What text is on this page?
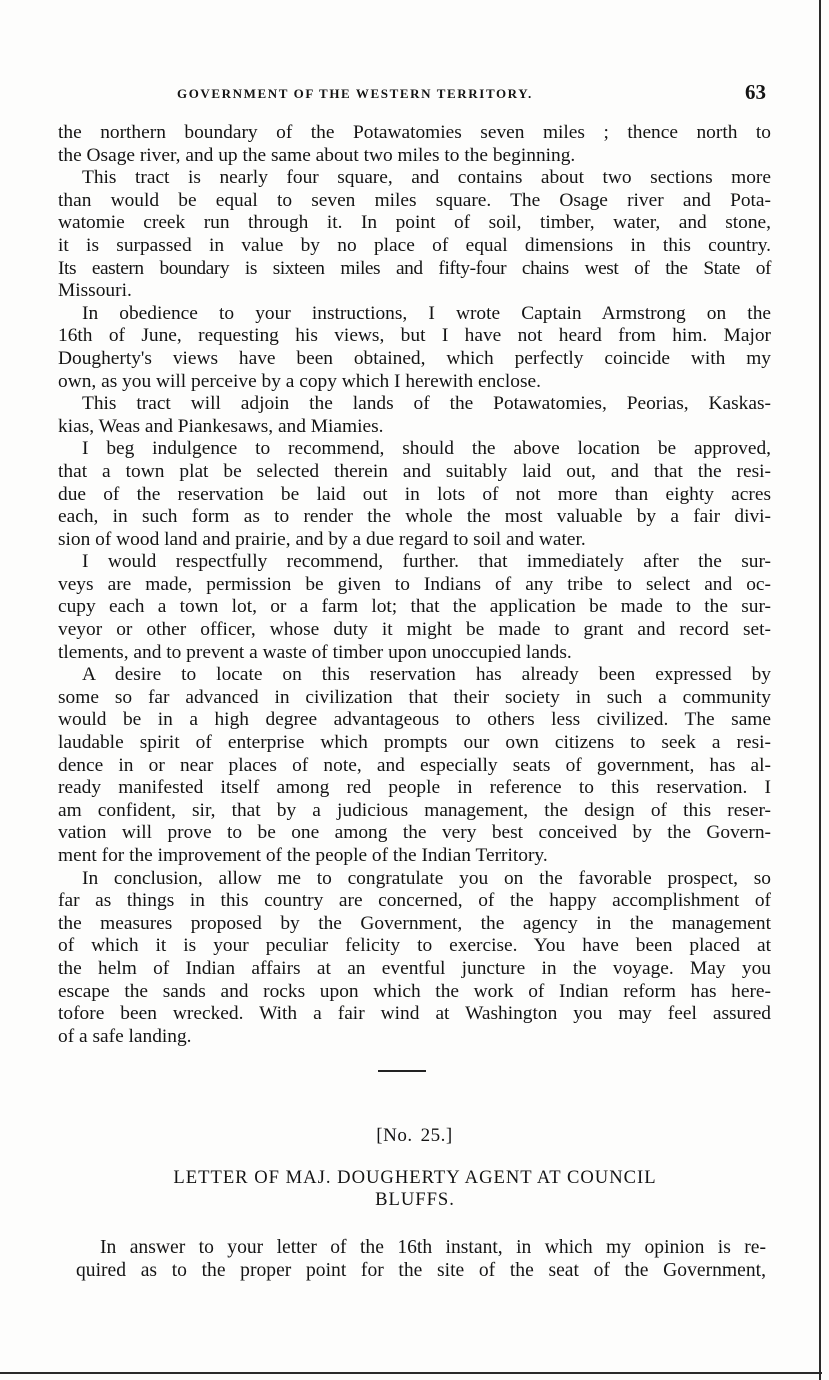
GOVERNMENT OF THE WESTERN TERRITORY.	63
the northern boundary of the Potawatomies seven miles ; thence north to
the Osage river, and up the same about two miles to the beginning.
This tract is nearly four square, and contains about two sections more
than would be equal to seven miles square. The Osage river and Pota-
watomie creek run through it. In point of soil, timber, water, and stone,
it is surpassed in value by no place of equal dimensions in this country.
Its eastern boundary is sixteen miles and fifty-four chains west of the State of
Missouri.
In obedience to your instructions, I wrote Captain Armstrong on the
16th of June, requesting his views, but I have not heard from him. Major
Dougherty's views have been obtained, which perfectly coincide with my
own, as you will perceive by a copy which I herewith enclose.
This tract will adjoin the lands of the Potawatomies, Peorias, Kaskas-
kias, Weas and Piankesaws, and Miamies.
I beg indulgence to recommend, should the above location be approved,
that a town plat be selected therein and suitably laid out, and that the resi-
due of the reservation be laid out in lots of not more than eighty acres
each, in such form as to render the whole the most valuable by a fair divi-
sion of wood land and prairie, and by a due regard to soil and water.
I would respectfully recommend, further. that immediately after the sur-
veys are made, permission be given to Indians of any tribe to select and oc-
cupy each a town lot, or a farm lot; that the application be made to the sur-
veyor or other officer, whose duty it might be made to grant and record set-
tlements, and to prevent a waste of timber upon unoccupied lands.
A desire to locate on this reservation has already been expressed by
some so far advanced in civilization that their society in such a community
would be in a high degree advantageous to others less civilized. The same
laudable spirit of enterprise which prompts our own citizens to seek a resi-
dence in or near places of note, and especially seats of government, has al-
ready manifested itself among red people in reference to this reservation. I
am confident, sir, that by a judicious management, the design of this reser-
vation will prove to be one among the very best conceived by the Govern-
ment for the improvement of the people of the Indian Territory.
In conclusion, allow me to congratulate you on the favorable prospect, so
far as things in this country are concerned, of the happy accomplishment of
the measures proposed by the Government, the agency in the management
of which it is your peculiar felicity to exercise. You have been placed at
the helm of Indian affairs at an eventful juncture in the voyage. May you
escape the sands and rocks upon which the work of Indian reform has here-
tofore been wrecked. With a fair wind at Washington you may feel assured
of a safe landing.
[No. 25.]
LETTER OF MAJ. DOUGHERTY AGENT AT COUNCIL
BLUFFS.
In answer to your letter of the 16th instant, in which my opinion is re-
quired as to the proper point for the site of the seat of the Government,
